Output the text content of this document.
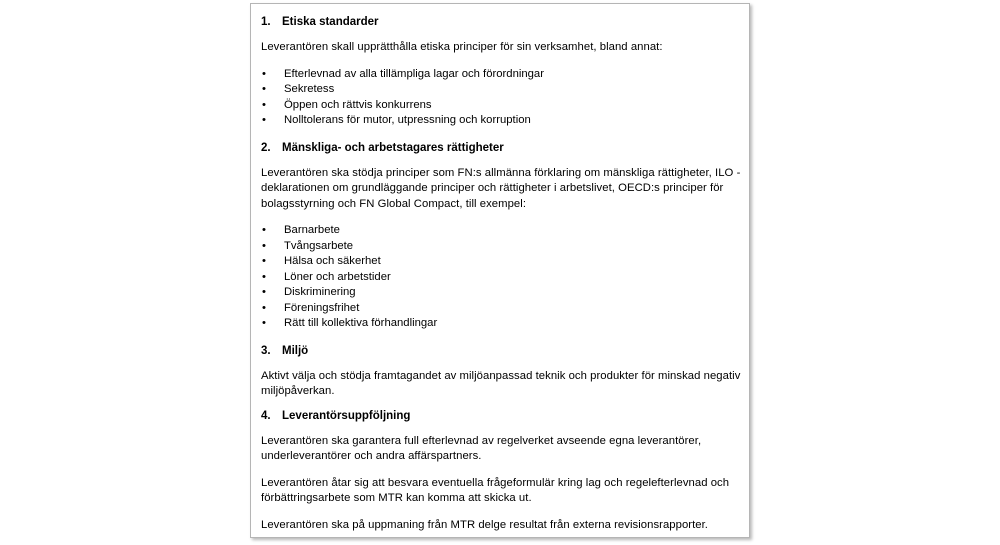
1. Etiska standarder

Leverantören skall upprätthålla etiska principer för sin verksamhet, bland annat:

•	Efterlevnad av alla tillämpliga lagar och förordningar
•	Sekretess
•	Öppen och rättvis konkurrens
•	Nolltolerans för mutor, utpressning och korruption
2. Mänskliga- och arbetstagares rättigheter

Leverantören ska stödja principer som FN:s allmänna förklaring om mänskliga rättigheter, ILO -

deklarationen om grundläggande principer och rättigheter i arbetslivet, OECD:s principer för

bolagsstyrning och FN Global Compact, till exempel:

•	Barnarbete
•	Tvångsarbete
•	Hälsa och säkerhet
•	Löner och arbetstider
•	Diskriminering
•	Föreningsfrihet
•	Rätt till kollektiva förhandlingar
3. Miljö

Aktivt välja och stödja framtagandet av miljöanpassad teknik och produkter för minskad negativ

miljöpåverkan.

4. Leverantörsuppföljning

Leverantören ska garantera full efterlevnad av regelverket avseende egna leverantörer,

underleverantörer och andra affärspartners.

Leverantören åtar sig att besvara eventuella frågeformulär kring lag och regelefterlevnad och

förbättringsarbete som MTR kan komma att skicka ut.

Leverantören ska på uppmaning från MTR delge resultat från externa revisionsrapporter.
